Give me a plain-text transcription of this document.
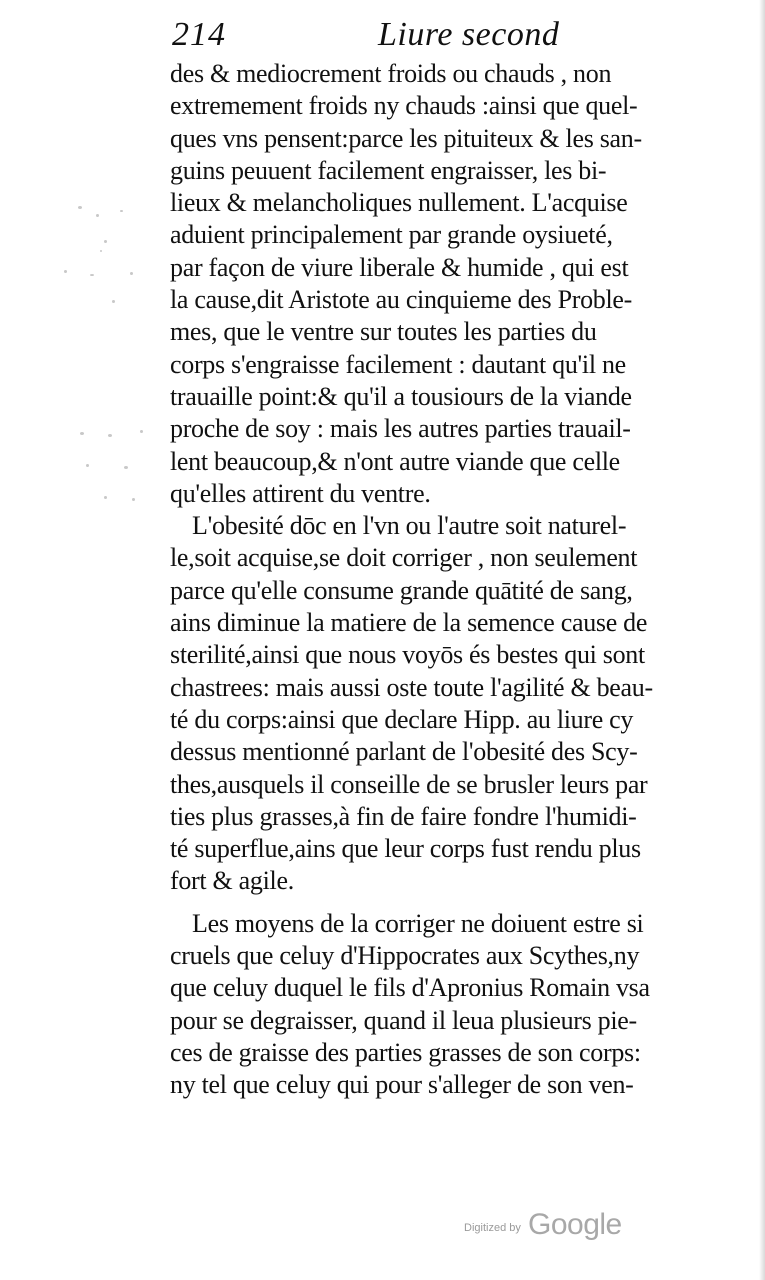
214	Liure second
des & mediocrement froids ou chauds , non
extremement froids ny chauds :ainsi que quel-
ques vns pensent:parce les pituiteux & les san-
guins peuuent facilement engraisser, les bi-
lieux & melancholiques nullement. L'acquise
aduient principalement par grande oysiueté,
par façon de viure liberale & humide , qui est
la cause,dit Aristote au cinquieme des Proble-
mes, que le ventre sur toutes les parties du
corps s'engraisse facilement : dautant qu'il ne
trauaille point:& qu'il a tousiours de la viande
proche de soy : mais les autres parties trauail-
lent beaucoup,& n'ont autre viande que celle
qu'elles attirent du ventre.
L'obesité dōc en l'vn ou l'autre soit naturel-
le,soit acquise,se doit corriger , non seulement
parce qu'elle consume grande quātité de sang,
ains diminue la matiere de la semence cause de
sterilité,ainsi que nous voyōs és bestes qui sont
chastrees: mais aussi oste toute l'agilité & beau-
té du corps:ainsi que declare Hipp. au liure cy
dessus mentionné parlant de l'obesité des Scy-
thes,ausquels il conseille de se brusler leurs par
ties plus grasses,à fin de faire fondre l'humidi-
té superflue,ains que leur corps fust rendu plus
fort & agile.
Les moyens de la corriger ne doiuent estre si
cruels que celuy d'Hippocrates aux Scythes,ny
que celuy duquel le fils d'Apronius Romain vsa
pour se degraisser, quand il leua plusieurs pie-
ces de graisse des parties grasses de son corps:
ny tel que celuy qui pour s'alleger de son ven-
Digitized by Google
